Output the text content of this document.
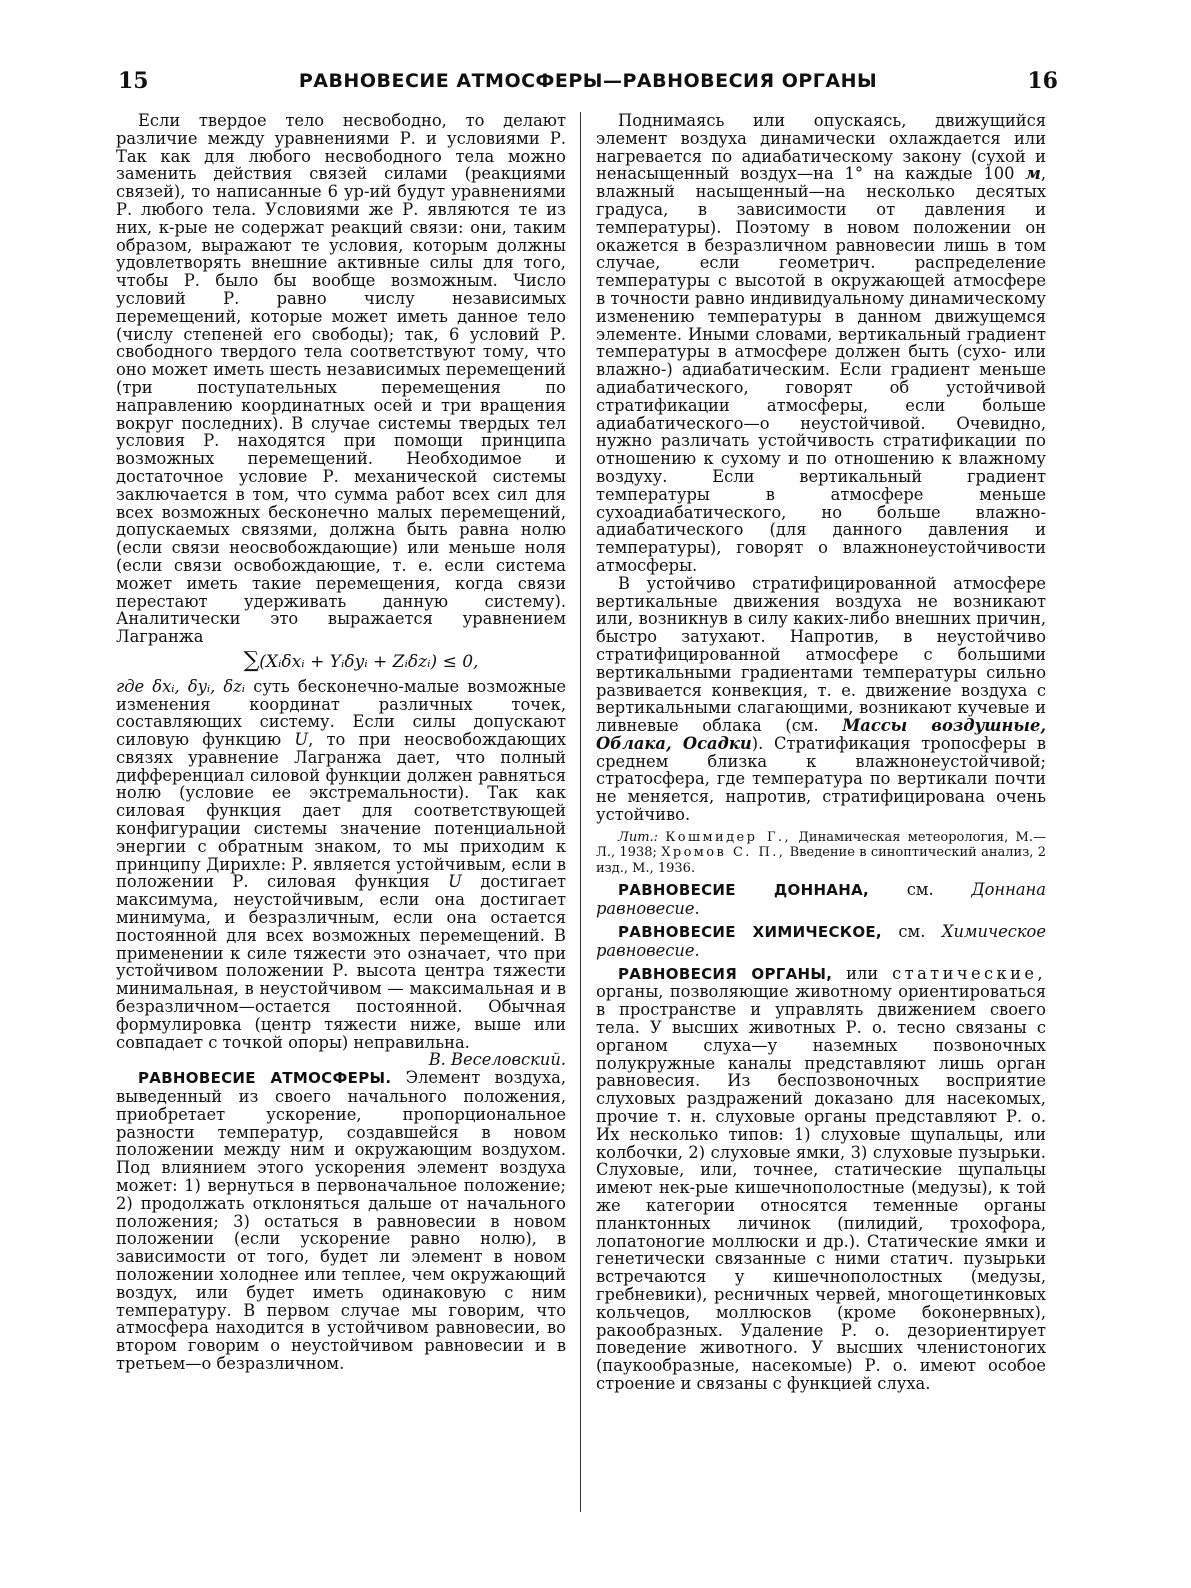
15	РАВНОВЕСИЕ АТМОСФЕРЫ—РАВНОВЕСИЯ ОРГАНЫ	16

Если твердое тело несвободно, то делают различие между уравнениями Р. и условиями Р. Так как для любого несвободного тела можно заменить действия связей силами (реакциями связей), то написанные 6 ур-ий будут уравнениями Р. любого тела. Условиями же Р. являются те из них, к-рые не содержат реакций связи: они, таким образом, выражают те условия, которым должны удовлетворять внешние активные силы для того, чтобы Р. было бы вообще возможным. Число условий Р. равно числу независимых перемещений, которые может иметь данное тело (числу степеней его свободы); так, 6 условий Р. свободного твердого тела соответствуют тому, что оно может иметь шесть независимых перемещений (три поступательных перемещения по направлению координатных осей и три вращения вокруг последних). В случае системы твердых тел условия Р. находятся при помощи принципа возможных перемещений. Необходимое и достаточное условие Р. механической системы заключается в том, что сумма работ всех сил для всех возможных бесконечно малых перемещений, допускаемых связями, должна быть равна нолю (если связи неосвобождающие) или меньше ноля (если связи освобождающие, т. е. если система может иметь такие перемещения, когда связи перестают удерживать данную систему). Аналитически это выражается уравнением Лагранжа

∑(Xᵢδxᵢ + Yᵢδyᵢ + Zᵢδzᵢ) ≤ 0,

где δxᵢ, δyᵢ, δzᵢ суть бесконечно-малые возможные изменения координат различных точек, составляющих систему. Если силы допускают силовую функцию U, то при неосвобождающих связях уравнение Лагранжа дает, что полный дифференциал силовой функции должен равняться нолю (условие ее экстремальности). Так как силовая функция дает для соответствующей конфигурации системы значение потенциальной энергии с обратным знаком, то мы приходим к принципу Дирихле: Р. является устойчивым, если в положении Р. силовая функция U достигает максимума, неустойчивым, если она достигает минимума, и безразличным, если она остается постоянной для всех возможных перемещений. В применении к силе тяжести это означает, что при устойчивом положении Р. высота центра тяжести минимальная, в неустойчивом — максимальная и в безразличном—остается постоянной. Обычная формулировка (центр тяжести ниже, выше или совпадает с точкой опоры) неправильна.
В. Веселовский.

РАВНОВЕСИЕ АТМОСФЕРЫ. Элемент воздуха, выведенный из своего начального положения, приобретает ускорение, пропорциональное разности температур, создавшейся в новом положении между ним и окружающим воздухом. Под влиянием этого ускорения элемент воздуха может: 1) вернуться в первоначальное положение; 2) продолжать отклоняться дальше от начального положения; 3) остаться в равновесии в новом положении (если ускорение равно нолю), в зависимости от того, будет ли элемент в новом положении холоднее или теплее, чем окружающий воздух, или будет иметь одинаковую с ним температуру. В первом случае мы говорим, что атмосфера находится в устойчивом равновесии, во втором говорим о неустойчивом равновесии и в третьем—о безразличном.

Поднимаясь или опускаясь, движущийся элемент воздуха динамически охлаждается или нагревается по адиабатическому закону (сухой и ненасыщенный воздух—на 1° на каждые 100 м, влажный насыщенный—на несколько десятых градуса, в зависимости от давления и температуры). Поэтому в новом положении он окажется в безразличном равновесии лишь в том случае, если геометрич. распределение температуры с высотой в окружающей атмосфере в точности равно индивидуальному динамическому изменению температуры в данном движущемся элементе. Иными словами, вертикальный градиент температуры в атмосфере должен быть (сухо- или влажно-) адиабатическим. Если градиент меньше адиабатического, говорят об устойчивой стратификации атмосферы, если больше адиабатического—о неустойчивой. Очевидно, нужно различать устойчивость стратификации по отношению к сухому и по отношению к влажному воздуху. Если вертикальный градиент температуры в атмосфере меньше сухоадиабатического, но больше влажно-адиабатического (для данного давления и температуры), говорят о влажнонеустойчивости атмосферы.

В устойчиво стратифицированной атмосфере вертикальные движения воздуха не возникают или, возникнув в силу каких-либо внешних причин, быстро затухают. Напротив, в неустойчиво стратифицированной атмосфере с большими вертикальными градиентами температуры сильно развивается конвекция, т. е. движение воздуха с вертикальными слагающими, возникают кучевые и ливневые облака (см. Массы воздушные, Облака, Осадки). Стратификация тропосферы в среднем близка к влажнонеустойчивой; стратосфера, где температура по вертикали почти не меняется, напротив, стратифицирована очень устойчиво.

Лит.: Кошмидер Г., Динамическая метеорология, М.—Л., 1938; Хромов С. П., Введение в синоптический анализ, 2 изд., М., 1936.

РАВНОВЕСИЕ ДОННАНА, см. Доннана равновесие.

РАВНОВЕСИЕ ХИМИЧЕСКОЕ, см. Химическое равновесие.

РАВНОВЕСИЯ ОРГАНЫ, или статические, органы, позволяющие животному ориентироваться в пространстве и управлять движением своего тела. У высших животных Р. о. тесно связаны с органом слуха—у наземных позвоночных полукружные каналы представляют лишь орган равновесия. Из беспозвоночных восприятие слуховых раздражений доказано для насекомых, прочие т. н. слуховые органы представляют Р. о. Их несколько типов: 1) слуховые щупальцы, или колбочки, 2) слуховые ямки, 3) слуховые пузырьки. Слуховые, или, точнее, статические щупальцы имеют нек-рые кишечнополостные (медузы), к той же категории относятся теменные органы планктонных личинок (пилидий, трохофора, лопатоногие моллюски и др.). Статические ямки и генетически связанные с ними статич. пузырьки встречаются у кишечнополостных (медузы, гребневики), ресничных червей, многощетинковых кольчецов, моллюсков (кроме боконервных), ракообразных. Удаление Р. о. дезориентирует поведение животного. У высших членистоногих (паукообразные, насекомые) Р. о. имеют особое строение и связаны с функцией слуха.
